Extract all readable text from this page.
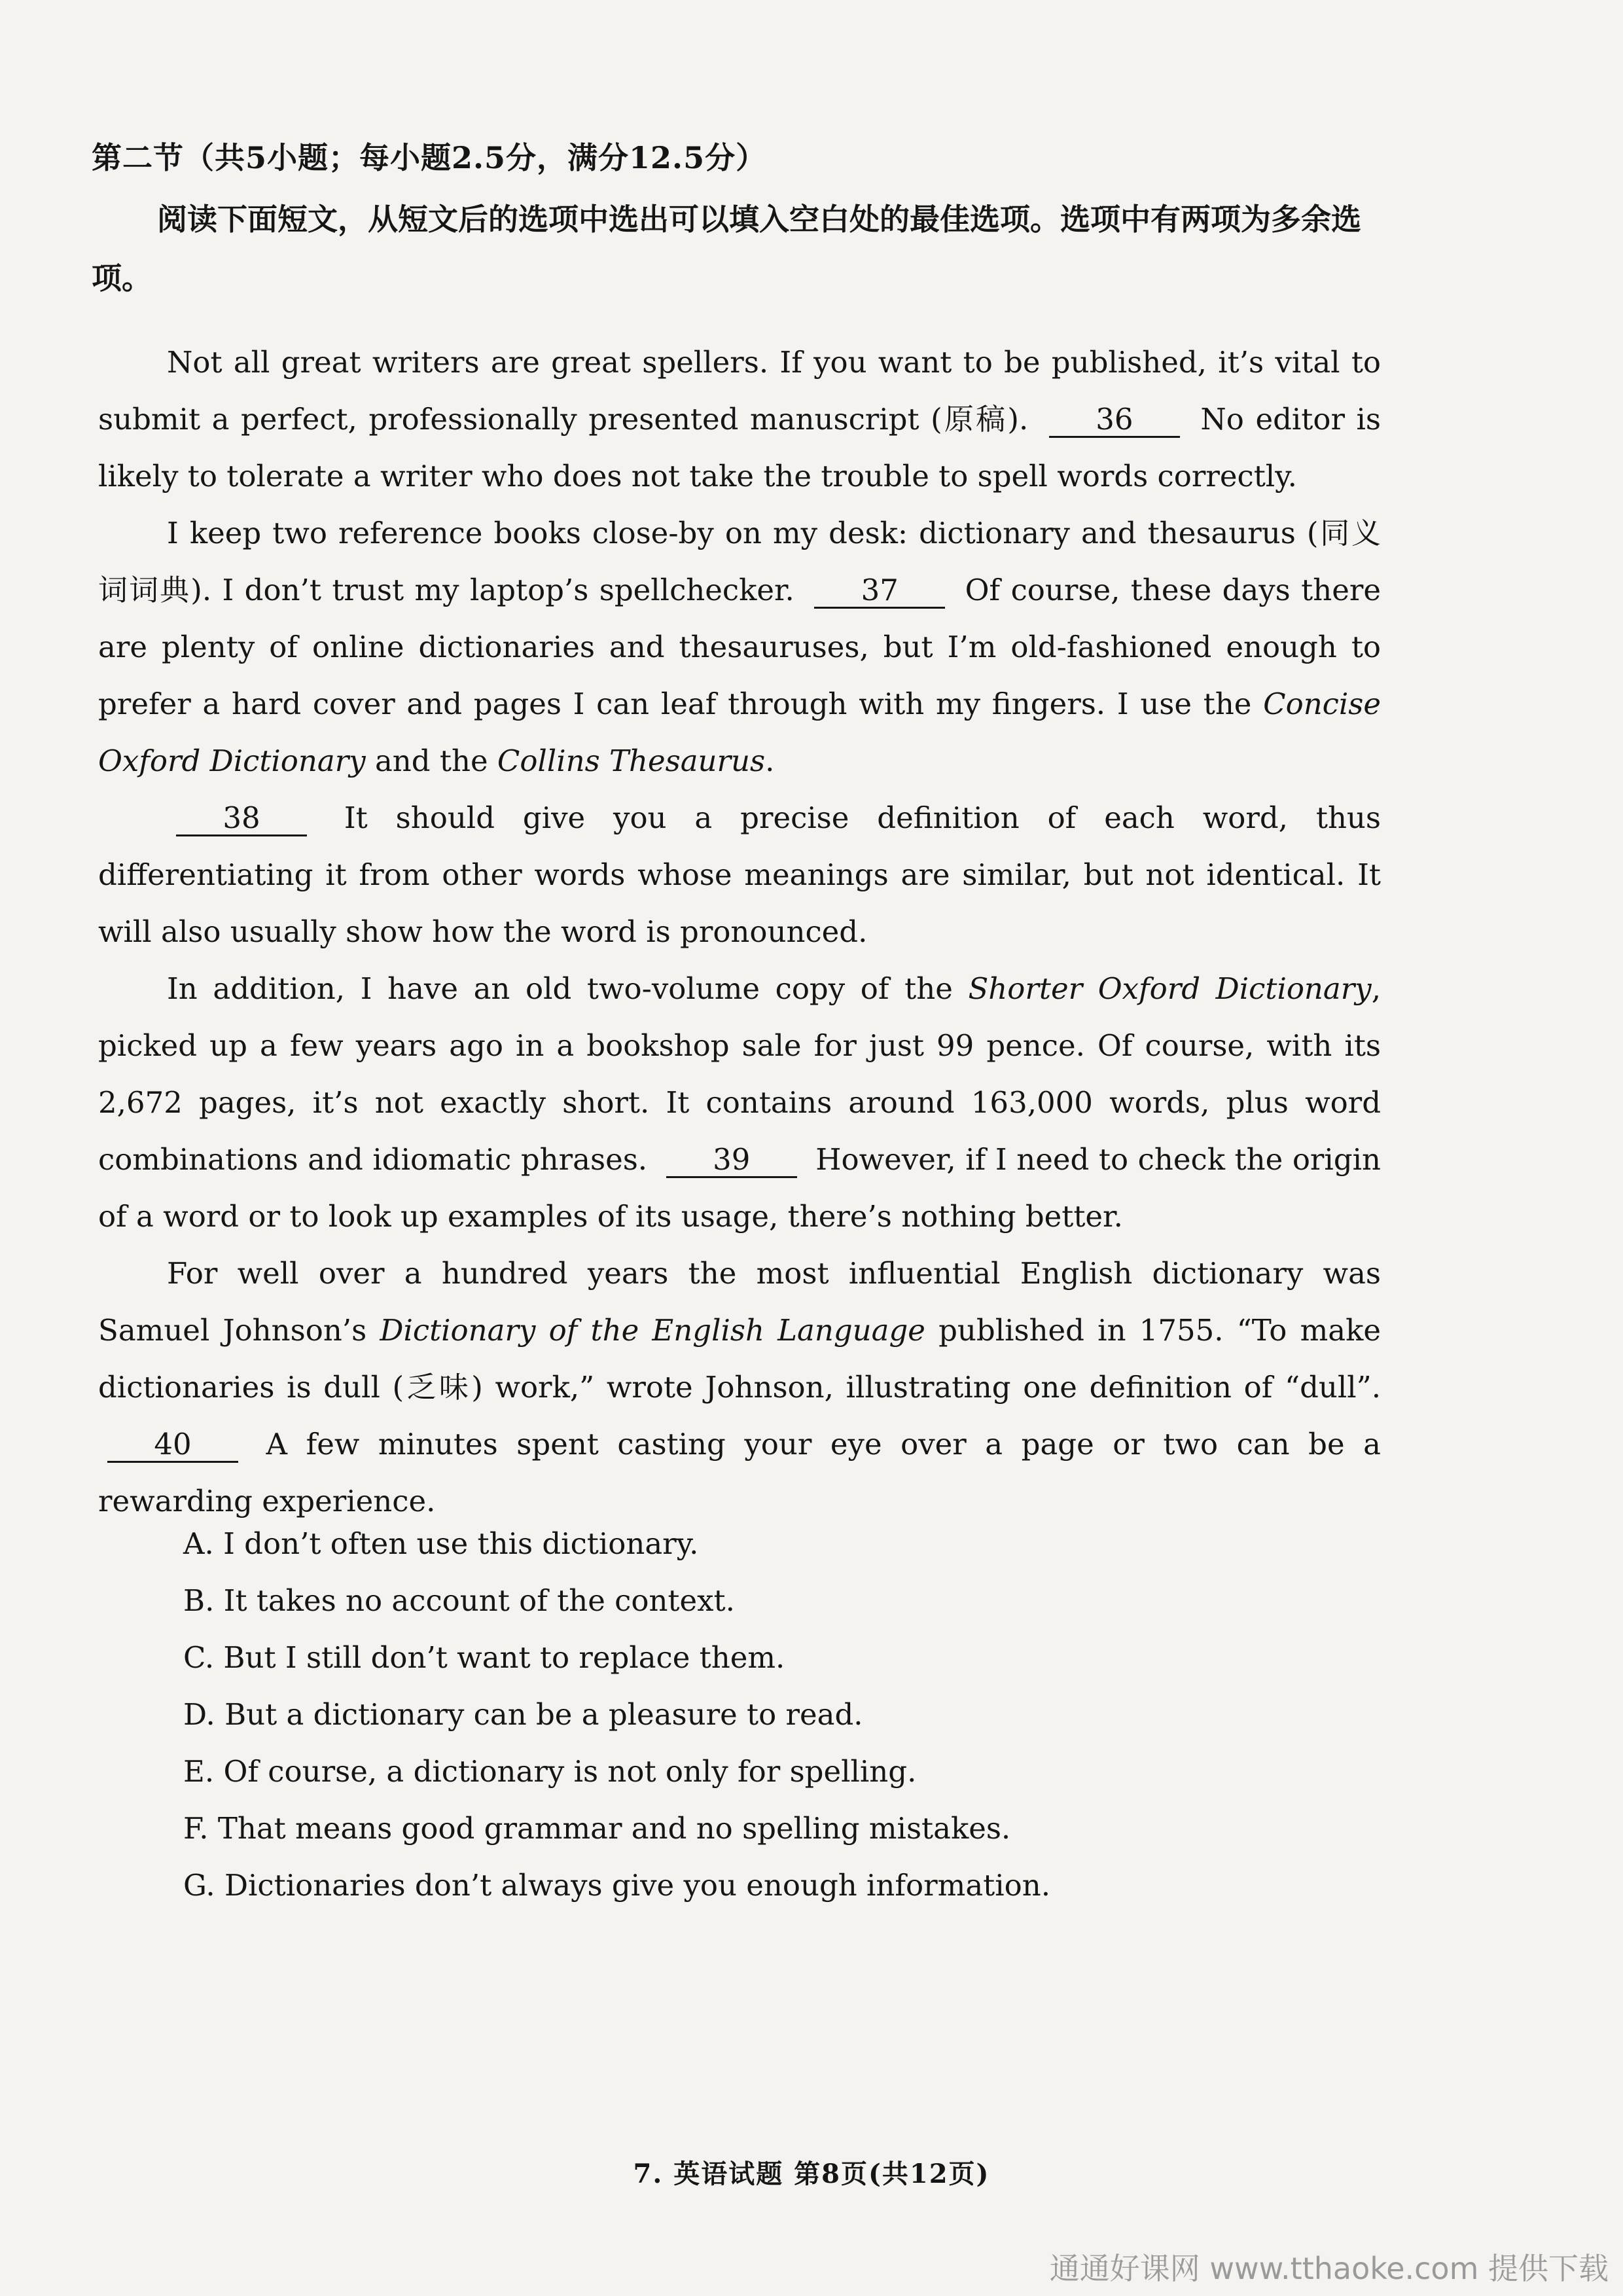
第二节（共5小题；每小题2.5分，满分12.5分）
阅读下面短文，从短文后的选项中选出可以填入空白处的最佳选项。选项中有两项为多余选项。

Not all great writers are great spellers. If you want to be published, it’s vital to submit a perfect, professionally presented manuscript (原稿). 36 No editor is likely to tolerate a writer who does not take the trouble to spell words correctly.

I keep two reference books close-by on my desk: dictionary and thesaurus (同义词词典). I don’t trust my laptop’s spellchecker. 37 Of course, these days there are plenty of online dictionaries and thesauruses, but I’m old-fashioned enough to prefer a hard cover and pages I can leaf through with my fingers. I use the Concise Oxford Dictionary and the Collins Thesaurus.

38	It should give you a precise definition of each word, thus differentiating it from other words whose meanings are similar, but not identical. It will also usually show how the word is pronounced.

In addition, I have an old two-volume copy of the Shorter Oxford Dictionary, picked up a few years ago in a bookshop sale for just 99 pence. Of course, with its 2,672 pages, it’s not exactly short. It contains around 163,000 words, plus word combinations and idiomatic phrases. 39 However, if I need to check the origin of a word or to look up examples of its usage, there’s nothing better.

For well over a hundred years the most influential English dictionary was Samuel Johnson’s Dictionary of the English Language published in 1755. “To make dictionaries is dull (乏味) work,” wrote Johnson, illustrating one definition of “dull”. 40	A few minutes spent casting your eye over a page or two can be a rewarding experience.

A. I don’t often use this dictionary.
B. It takes no account of the context.
C. But I still don’t want to replace them.
D. But a dictionary can be a pleasure to read.
E. Of course, a dictionary is not only for spelling.
F. That means good grammar and no spelling mistakes.
G. Dictionaries don’t always give you enough information.
7. 英语试题 第8页(共12页)
通通好课网 www.tthaoke.com 提供下载
